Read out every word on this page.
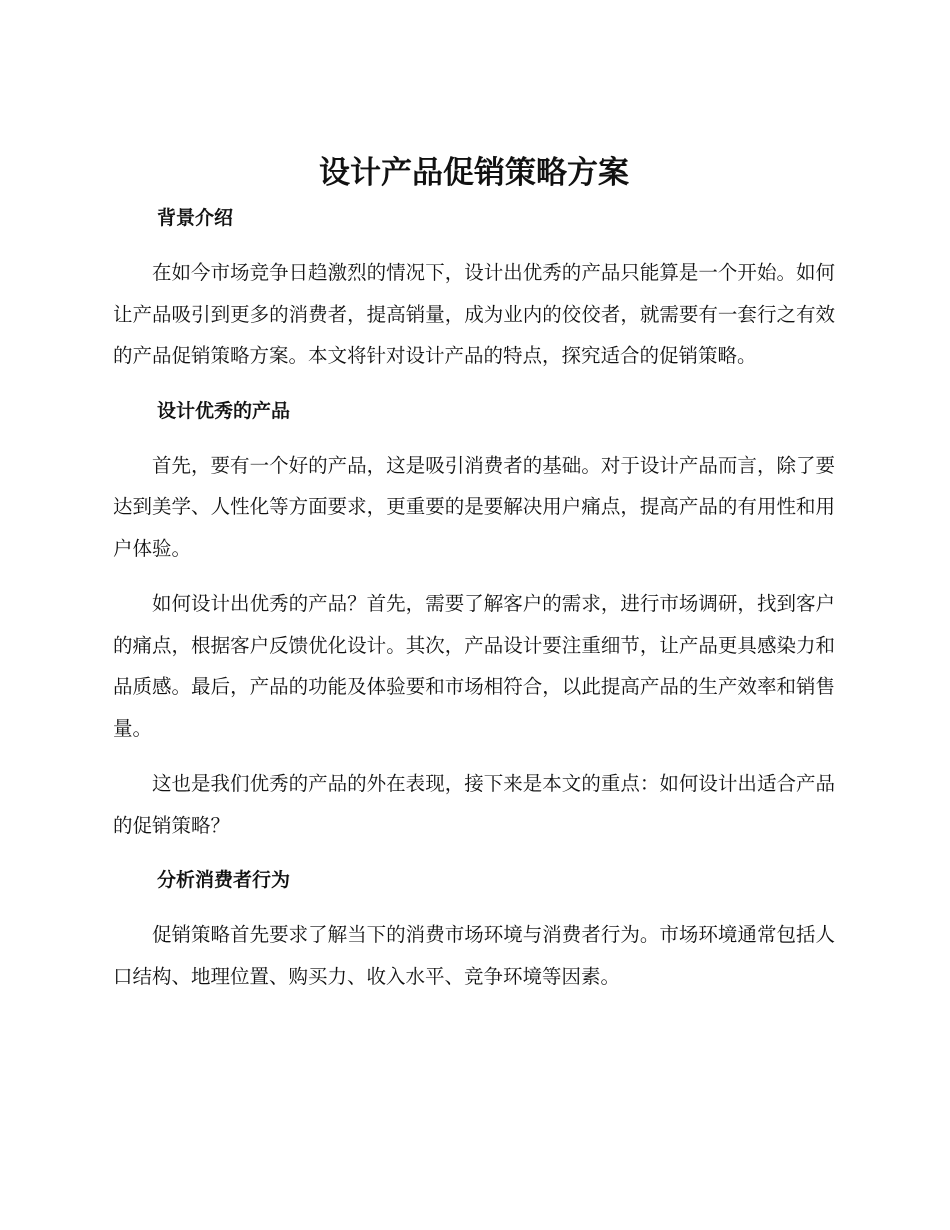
设计产品促销策略方案
背景介绍

在如今市场竞争日趋激烈的情况下，设计出优秀的产品只能算是一个开始。如何让产品吸引到更多的消费者，提高销量，成为业内的佼佼者，就需要有一套行之有效的产品促销策略方案。本文将针对设计产品的特点，探究适合的促销策略。

设计优秀的产品

首先，要有一个好的产品，这是吸引消费者的基础。对于设计产品而言，除了要达到美学、人性化等方面要求，更重要的是要解决用户痛点，提高产品的有用性和用户体验。

如何设计出优秀的产品？首先，需要了解客户的需求，进行市场调研，找到客户的痛点，根据客户反馈优化设计。其次，产品设计要注重细节，让产品更具感染力和品质感。最后，产品的功能及体验要和市场相符合，以此提高产品的生产效率和销售量。

这也是我们优秀的产品的外在表现，接下来是本文的重点：如何设计出适合产品的促销策略？

分析消费者行为

促销策略首先要求了解当下的消费市场环境与消费者行为。市场环境通常包括人口结构、地理位置、购买力、收入水平、竞争环境等因素。
